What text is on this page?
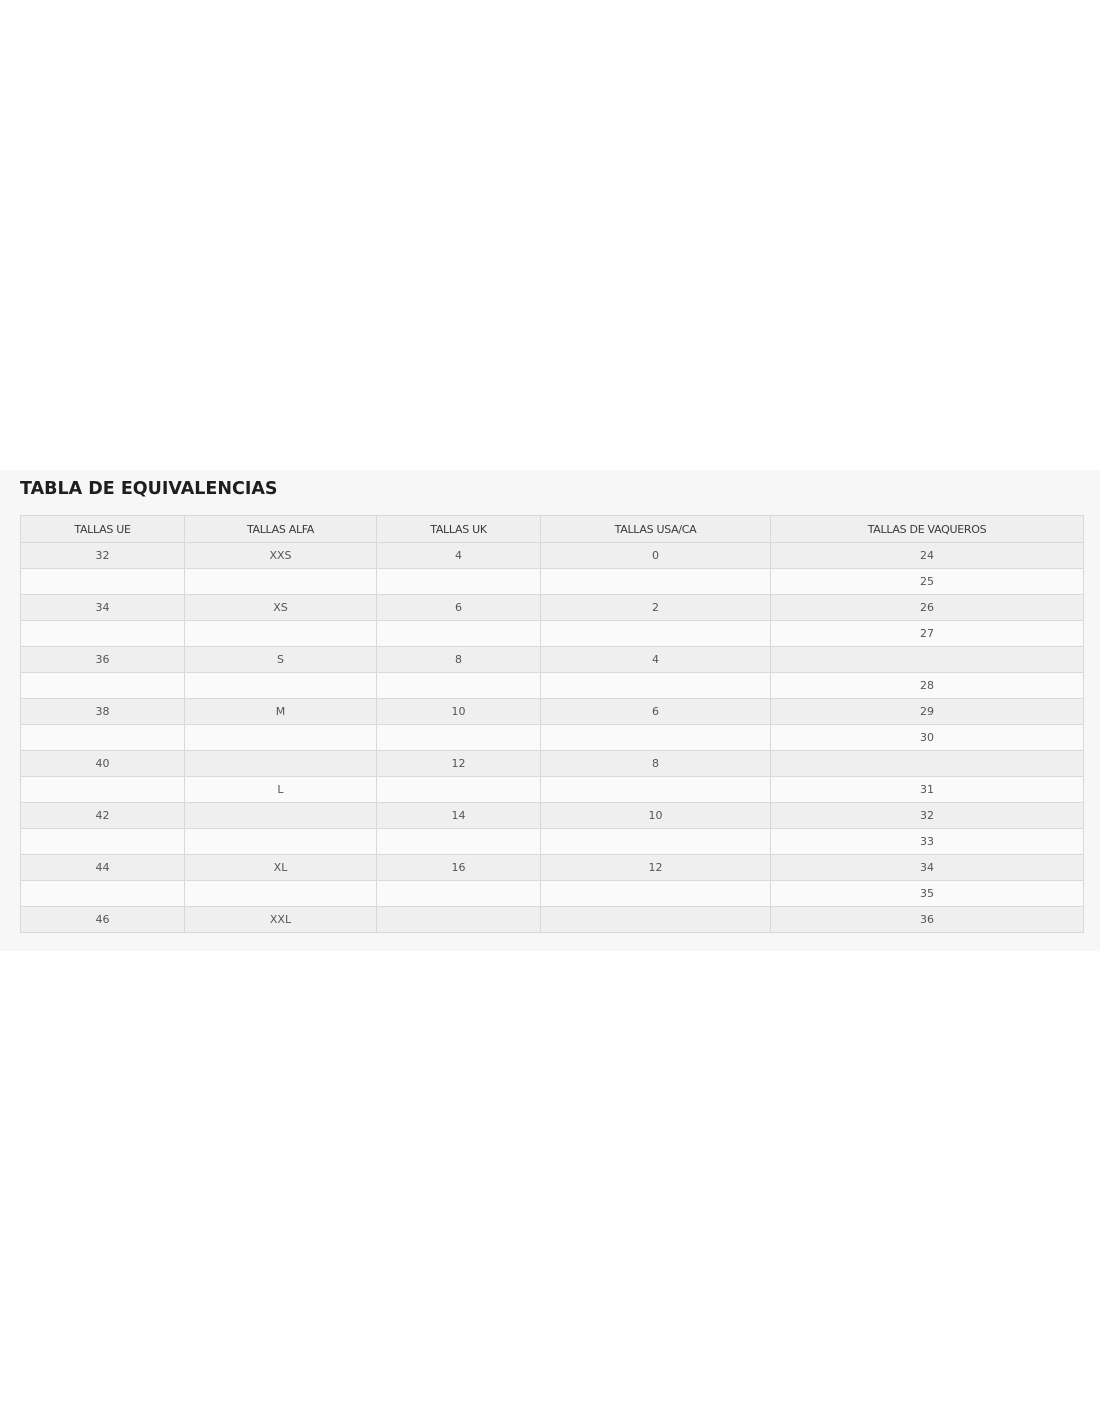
TABLA DE EQUIVALENCIAS
TALLAS UE	TALLAS ALFA	TALLAS UK	TALLAS USA/CA	TALLAS DE VAQUEROS
32	XXS	4	0	24
				25
34	XS	6	2	26
				27
36	S	8	4	
				28
38	M	10	6	29
				30
40		12	8	
	L			31
42		14	10	32
				33
44	XL	16	12	34
				35
46	XXL			36
